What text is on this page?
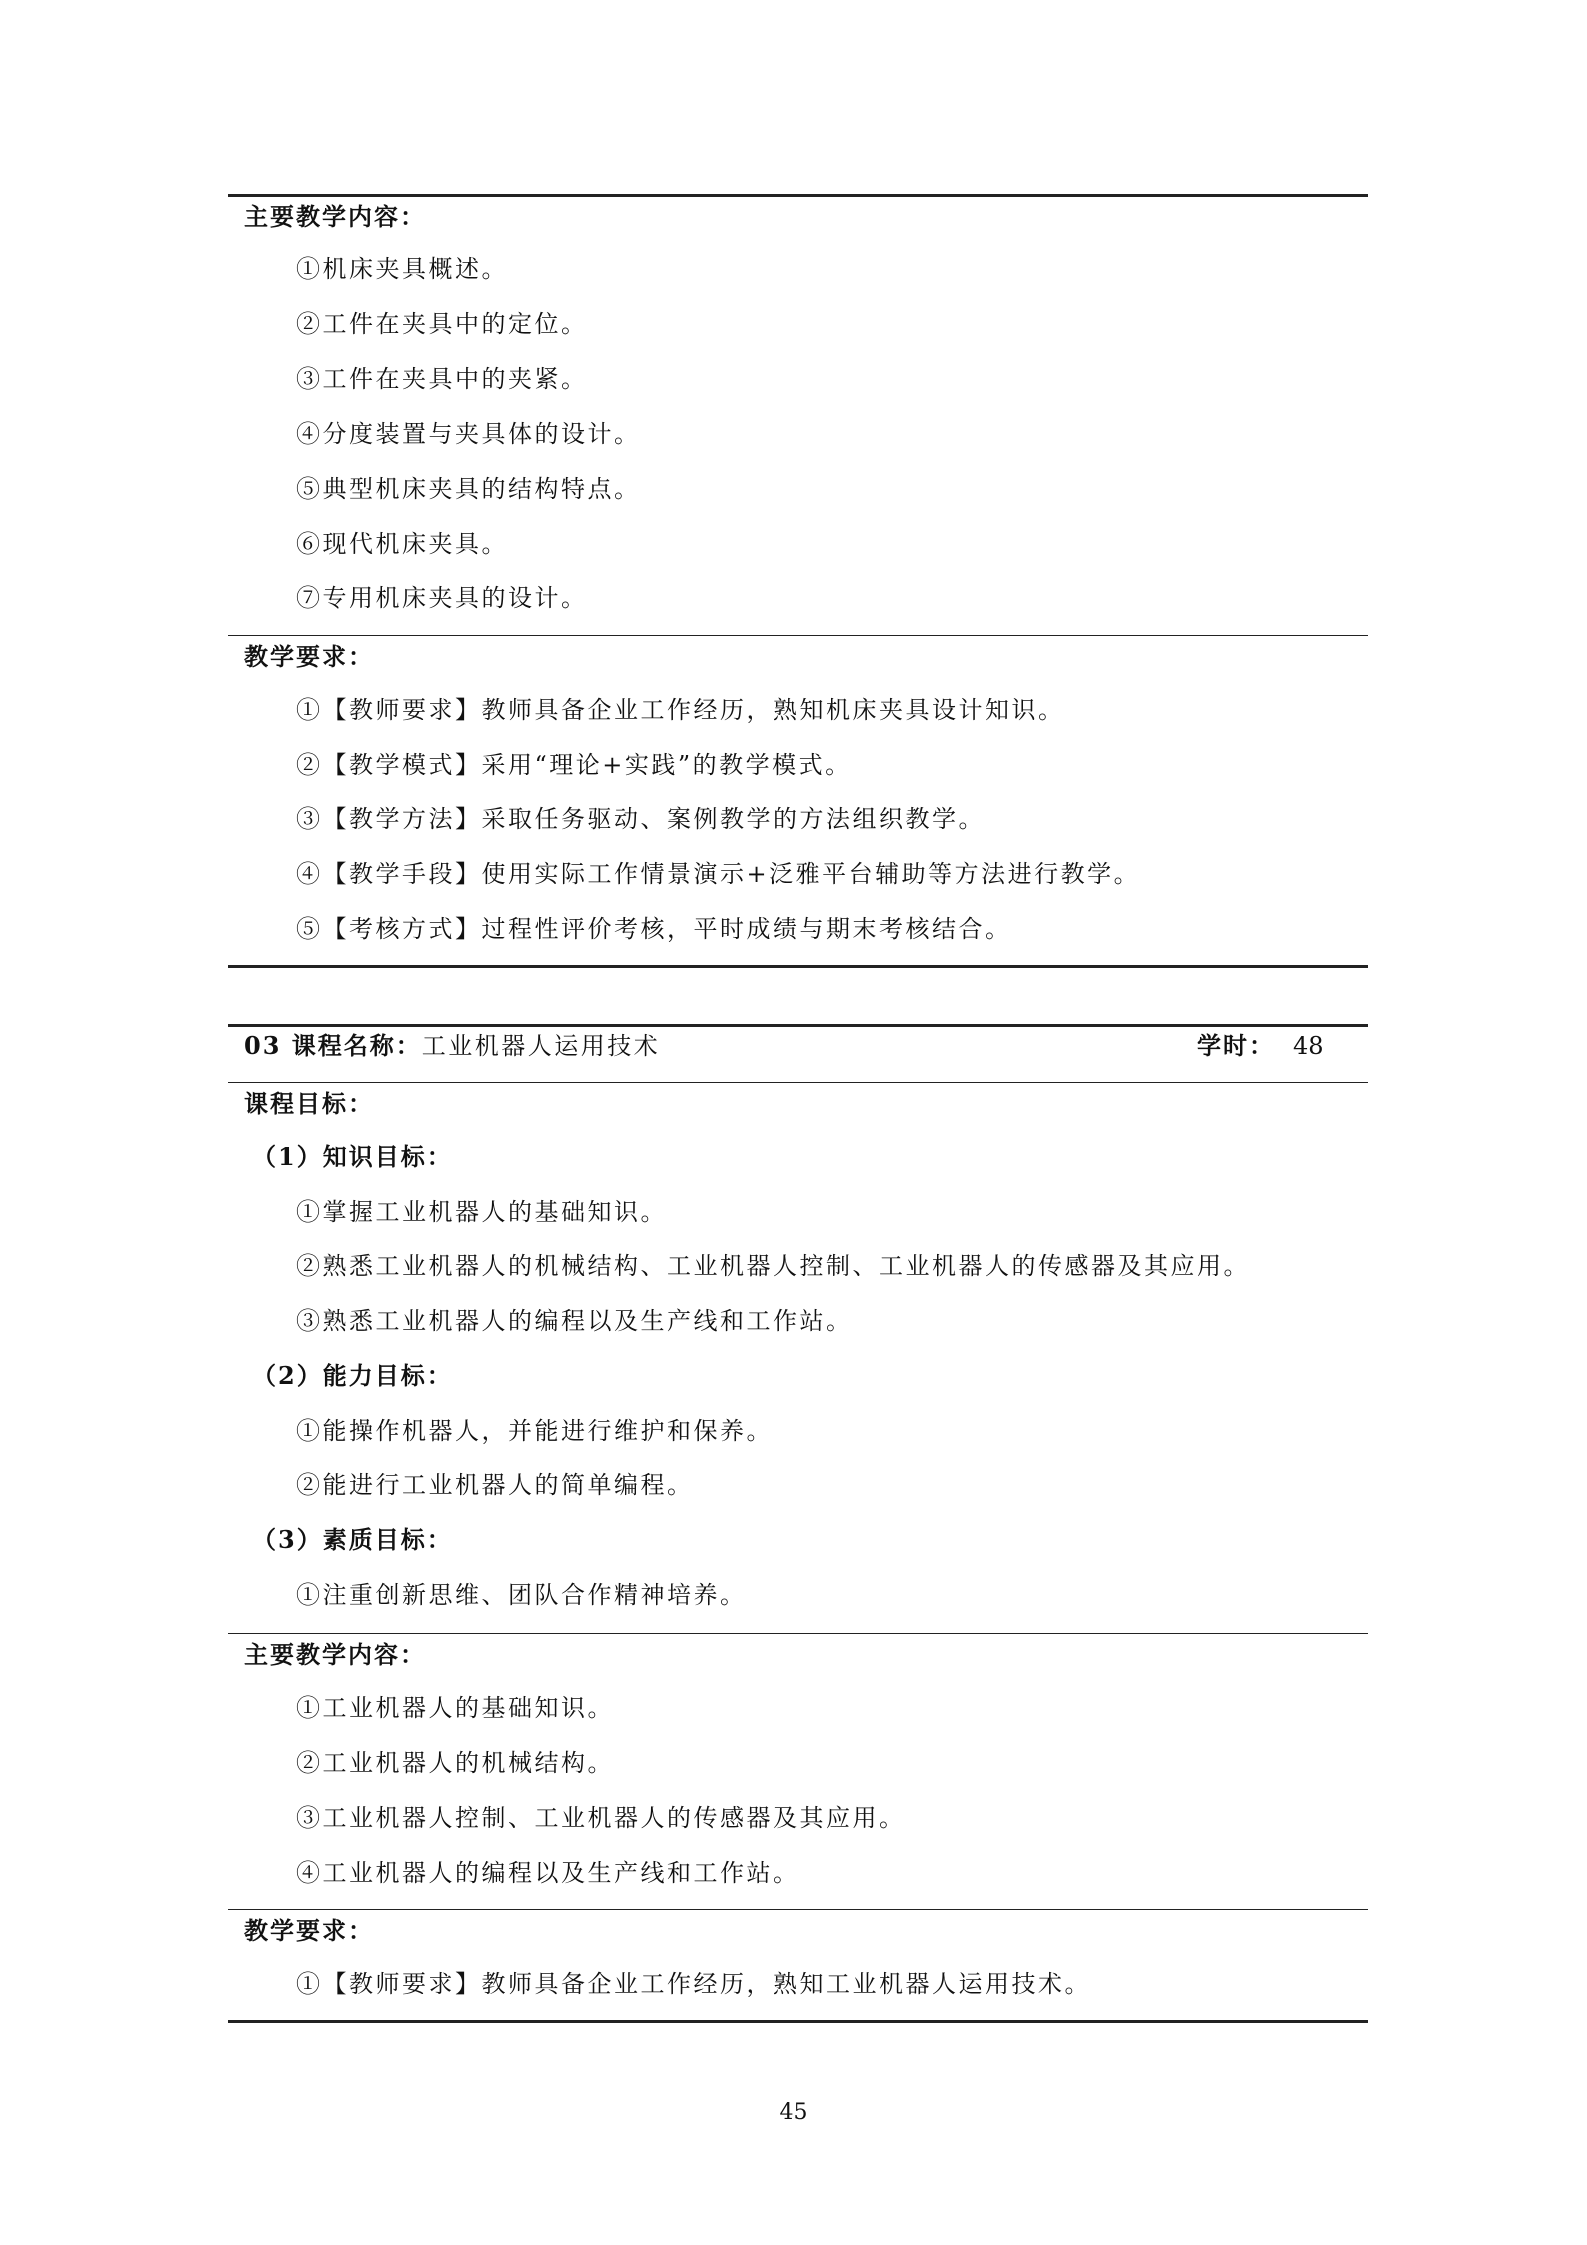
主要教学内容：
①机床夹具概述。
②工件在夹具中的定位。
③工件在夹具中的夹紧。
④分度装置与夹具体的设计。
⑤典型机床夹具的结构特点。
⑥现代机床夹具。
⑦专用机床夹具的设计。
教学要求：
①【教师要求】教师具备企业工作经历，熟知机床夹具设计知识。
②【教学模式】采用“理论+实践”的教学模式。
③【教学方法】采取任务驱动、案例教学的方法组织教学。
④【教学手段】使用实际工作情景演示+泛雅平台辅助等方法进行教学。
⑤【考核方式】过程性评价考核，平时成绩与期末考核结合。
03 课程名称：工业机器人运用技术	学时： 48
课程目标：
（1）知识目标：
①掌握工业机器人的基础知识。
②熟悉工业机器人的机械结构、工业机器人控制、工业机器人的传感器及其应用。
③熟悉工业机器人的编程以及生产线和工作站。
（2）能力目标：
①能操作机器人，并能进行维护和保养。
②能进行工业机器人的简单编程。
（3）素质目标：
①注重创新思维、团队合作精神培养。
主要教学内容：
①工业机器人的基础知识。
②工业机器人的机械结构。
③工业机器人控制、工业机器人的传感器及其应用。
④工业机器人的编程以及生产线和工作站。
教学要求：
①【教师要求】教师具备企业工作经历，熟知工业机器人运用技术。
45
